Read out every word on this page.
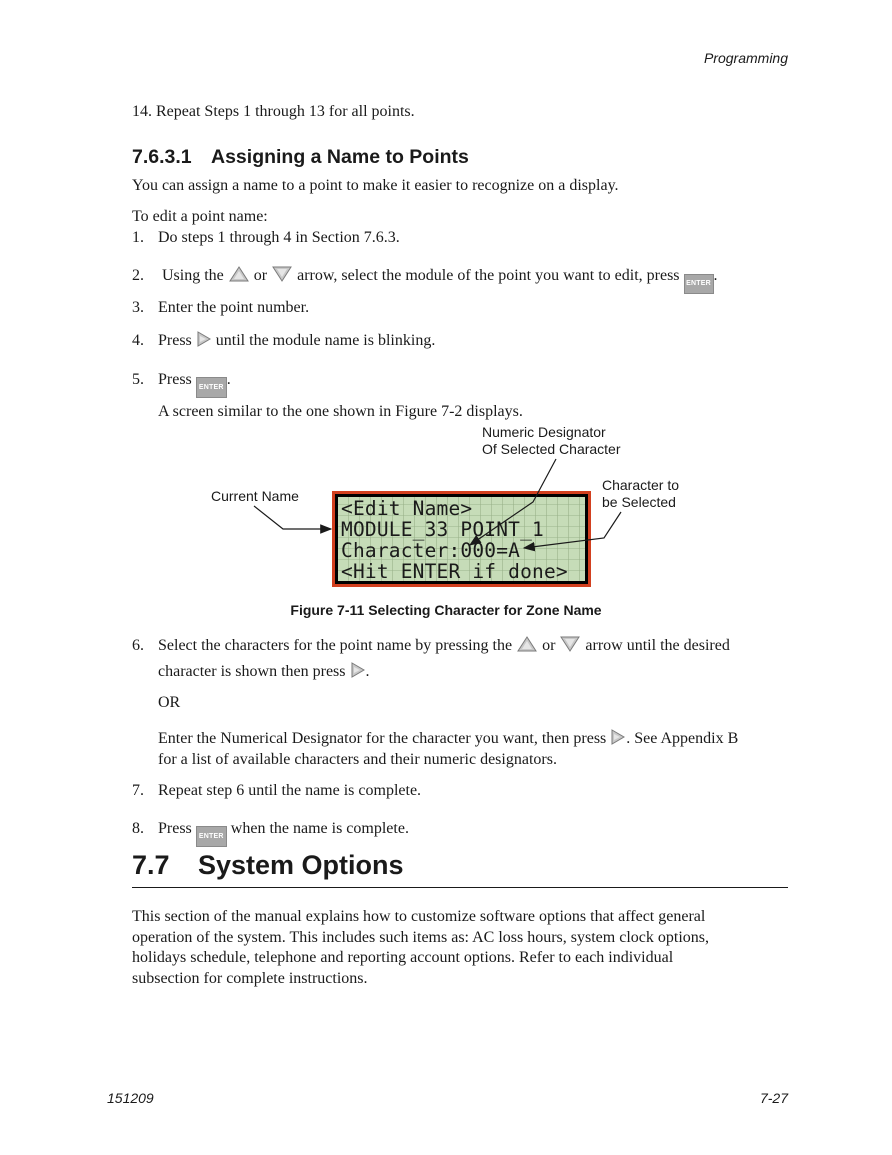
Programming
14. Repeat Steps 1 through 13 for all points.
7.6.3.1 Assigning a Name to Points
You can assign a name to a point to make it easier to recognize on a display.
To edit a point name:
1. Do steps 1 through 4 in Section 7.6.3.
2. Using the or arrow, select the module of the point you want to edit, press ENTER .
3. Enter the point number.
4. Press until the module name is blinking.
5. Press ENTER .
A screen similar to the one shown in Figure 7-2 displays.
Numeric Designator
Of Selected Character
Character to
be Selected
Current Name
<Edit Name>
MODULE_33 POINT_1
Character:000=A
<Hit ENTER if done>
Figure 7-11 Selecting Character for Zone Name
6. Select the characters for the point name by pressing the or arrow until the desired
character is shown then press .
OR
Enter the Numerical Designator for the character you want, then press . See Appendix B
for a list of available characters and their numeric designators.
7. Repeat step 6 until the name is complete.
8. Press ENTER when the name is complete.
7.7 System Options
This section of the manual explains how to customize software options that affect general
operation of the system. This includes such items as: AC loss hours, system clock options,
holidays schedule, telephone and reporting account options. Refer to each individual
subsection for complete instructions.
151209	7-27
